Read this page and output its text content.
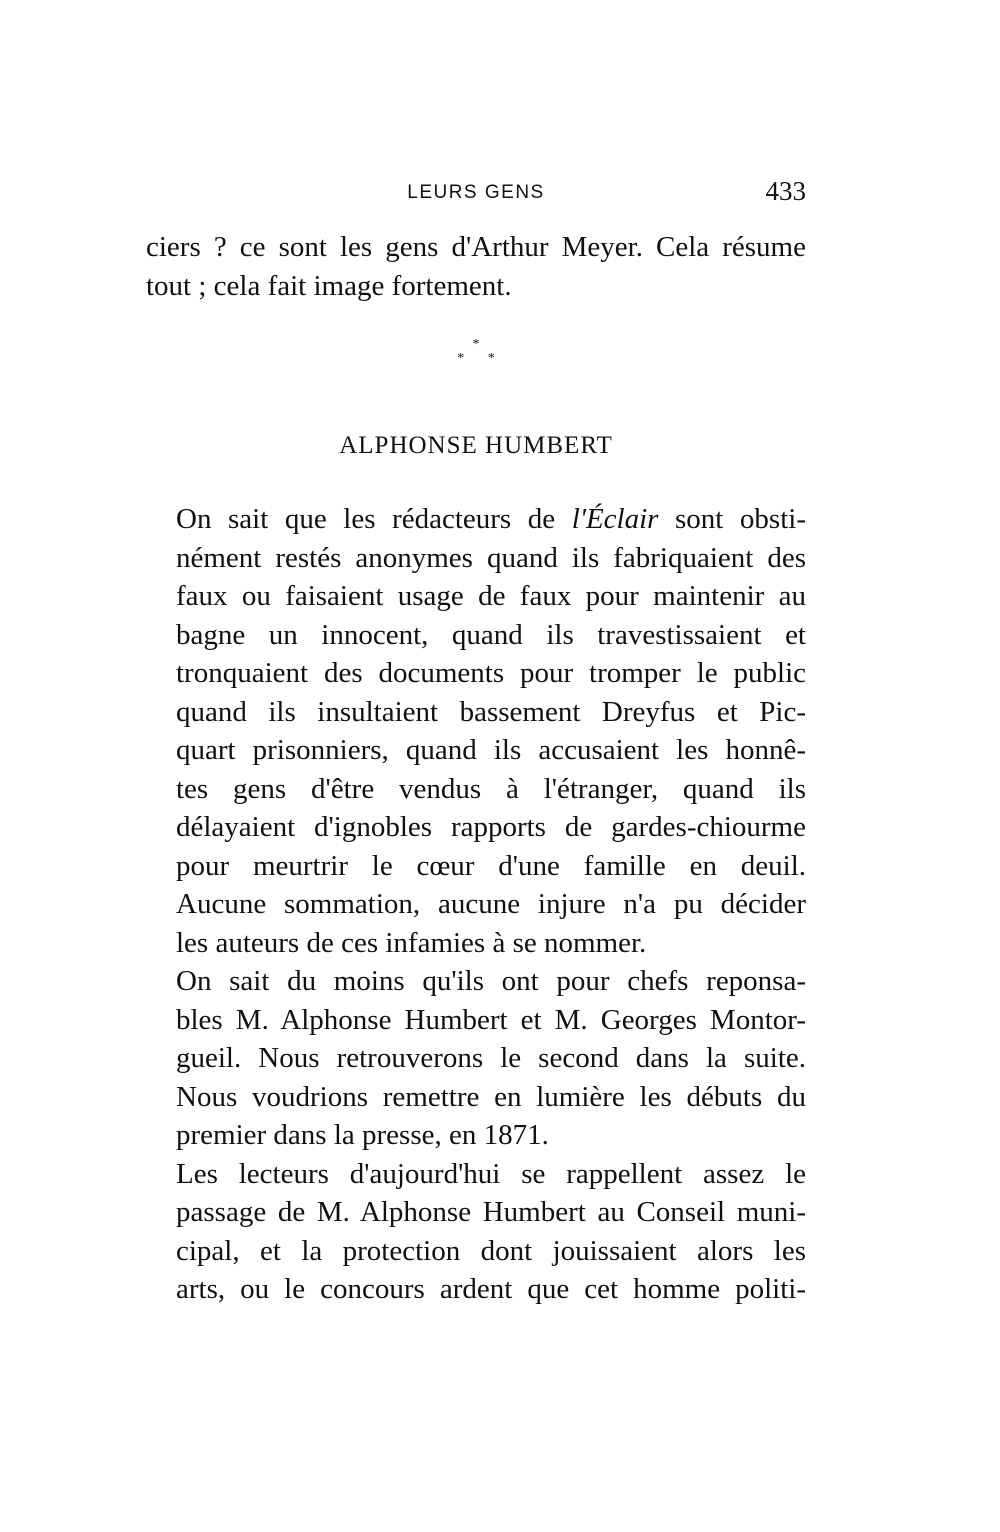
LEURS GENS	433

ciers ? ce sont les gens d'Arthur Meyer. Cela résume
tout ; cela fait image fortement.

*
* *
ALPHONSE HUMBERT

On sait que les rédacteurs de l'Éclair sont obsti-
nément restés anonymes quand ils fabriquaient des
faux ou faisaient usage de faux pour maintenir au
bagne un innocent, quand ils travestissaient et
tronquaient des documents pour tromper le public
quand ils insultaient bassement Dreyfus et Pic-
quart prisonniers, quand ils accusaient les honnê-
tes gens d'être vendus à l'étranger, quand ils
délayaient d'ignobles rapports de gardes-chiourme
pour meurtrir le cœur d'une famille en deuil.
Aucune sommation, aucune injure n'a pu décider
les auteurs de ces infamies à se nommer.

On sait du moins qu'ils ont pour chefs reponsa-
bles M. Alphonse Humbert et M. Georges Montor-
gueil. Nous retrouverons le second dans la suite.
Nous voudrions remettre en lumière les débuts du
premier dans la presse, en 1871.

Les lecteurs d'aujourd'hui se rappellent assez le
passage de M. Alphonse Humbert au Conseil muni-
cipal, et la protection dont jouissaient alors les
arts, ou le concours ardent que cet homme politi-
